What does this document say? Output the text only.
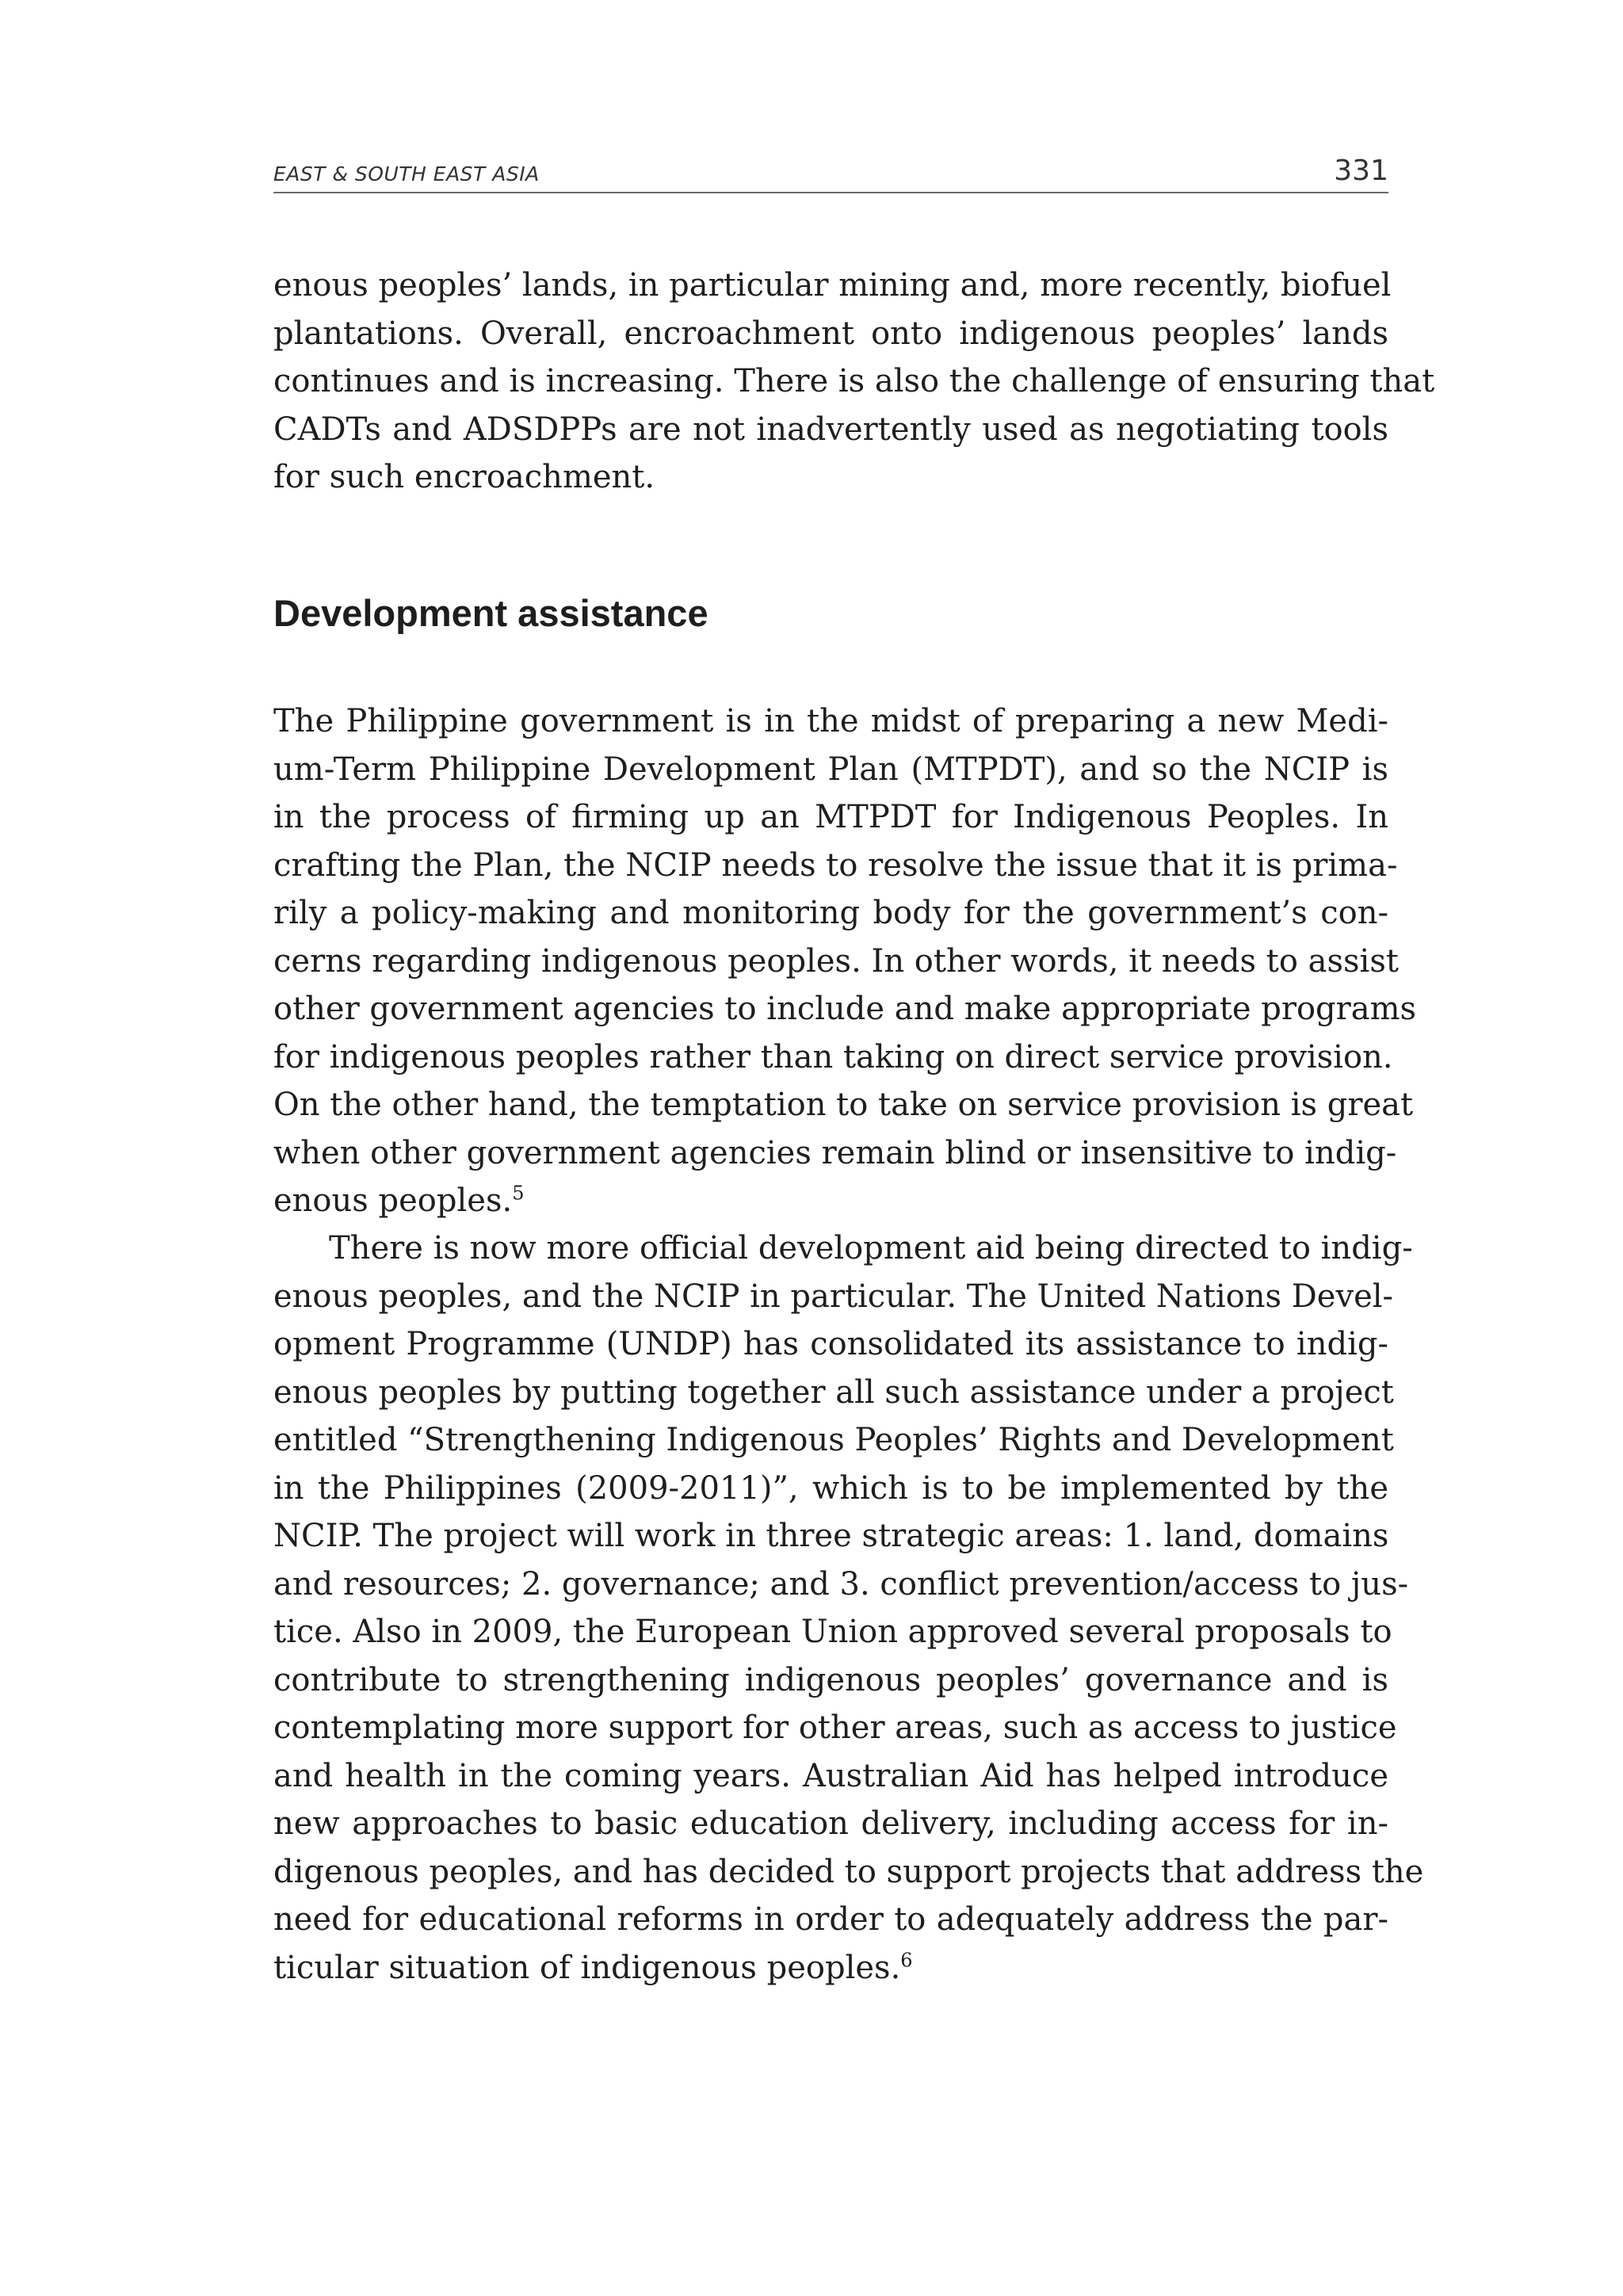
EAST & SOUTH EAST ASIA	331
enous peoples’ lands, in particular mining and, more recently, biofuel
plantations. Overall, encroachment onto indigenous peoples’ lands
continues and is increasing. There is also the challenge of ensuring that
CADTs and ADSDPPs are not inadvertently used as negotiating tools
for such encroachment.
Development assistance
The Philippine government is in the midst of preparing a new Medi-
um-Term Philippine Development Plan (MTPDT), and so the NCIP is
in the process of firming up an MTPDT for Indigenous Peoples. In
crafting the Plan, the NCIP needs to resolve the issue that it is prima-
rily a policy-making and monitoring body for the government’s con-
cerns regarding indigenous peoples. In other words, it needs to assist
other government agencies to include and make appropriate programs
for indigenous peoples rather than taking on direct service provision.
On the other hand, the temptation to take on service provision is great
when other government agencies remain blind or insensitive to indig-
enous peoples.$^5$
There is now more official development aid being directed to indig-
enous peoples, and the NCIP in particular. The United Nations Devel-
opment Programme (UNDP) has consolidated its assistance to indig-
enous peoples by putting together all such assistance under a project
entitled “Strengthening Indigenous Peoples’ Rights and Development
in the Philippines (2009-2011)”, which is to be implemented by the
NCIP. The project will work in three strategic areas: 1. land, domains
and resources; 2. governance; and 3. conflict prevention/access to jus-
tice. Also in 2009, the European Union approved several proposals to
contribute to strengthening indigenous peoples’ governance and is
contemplating more support for other areas, such as access to justice
and health in the coming years. Australian Aid has helped introduce
new approaches to basic education delivery, including access for in-
digenous peoples, and has decided to support projects that address the
need for educational reforms in order to adequately address the par-
ticular situation of indigenous peoples.$^6$
